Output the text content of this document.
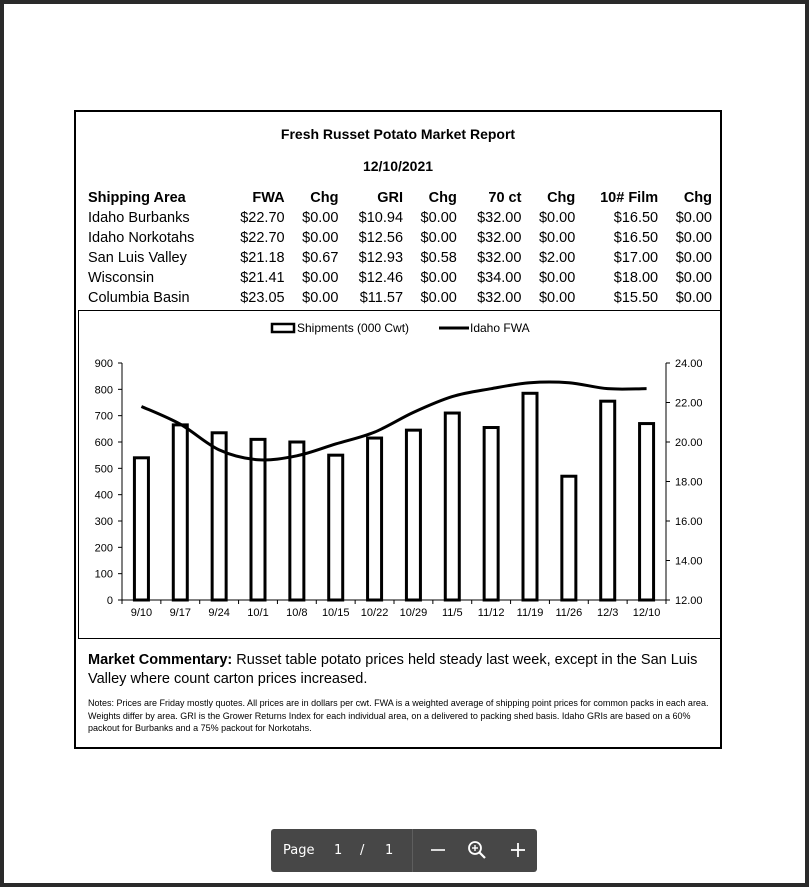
Fresh Russet Potato Market Report
12/10/2021
Shipping Area	FWA	Chg	GRI	Chg	70 ct	Chg	10# Film	Chg
Idaho Burbanks	$22.70	$0.00	$10.94	$0.00	$32.00	$0.00	$16.50	$0.00
Idaho Norkotahs	$22.70	$0.00	$12.56	$0.00	$32.00	$0.00	$16.50	$0.00
San Luis Valley	$21.18	$0.67	$12.93	$0.58	$32.00	$2.00	$17.00	$0.00
Wisconsin	$21.41	$0.00	$12.46	$0.00	$34.00	$0.00	$18.00	$0.00
Columbia Basin	$23.05	$0.00	$11.57	$0.00	$32.00	$0.00	$15.50	$0.00
0
100
200
300
400
500
600
700
800
900
12.00
14.00
16.00
18.00
20.00
22.00
24.00
9/10 9/17 9/24 10/1 10/8 10/15 10/22 10/29 11/5 11/12 11/19 11/26 12/3 12/10
Shipments (000 Cwt)	Idaho FWA
Market Commentary: Russet table potato prices held steady last week, except in the San Luis Valley where count carton prices increased.
Notes: Prices are Friday mostly quotes. All prices are in dollars per cwt. FWA is a weighted average of shipping point prices for common packs in each area. Weights differ by area. GRI is the Grower Returns Index for each individual area, on a delivered to packing shed basis. Idaho GRIs are based on a 60% packout for Burbanks and a 75% packout for Norkotahs.
Page 1 / 1
